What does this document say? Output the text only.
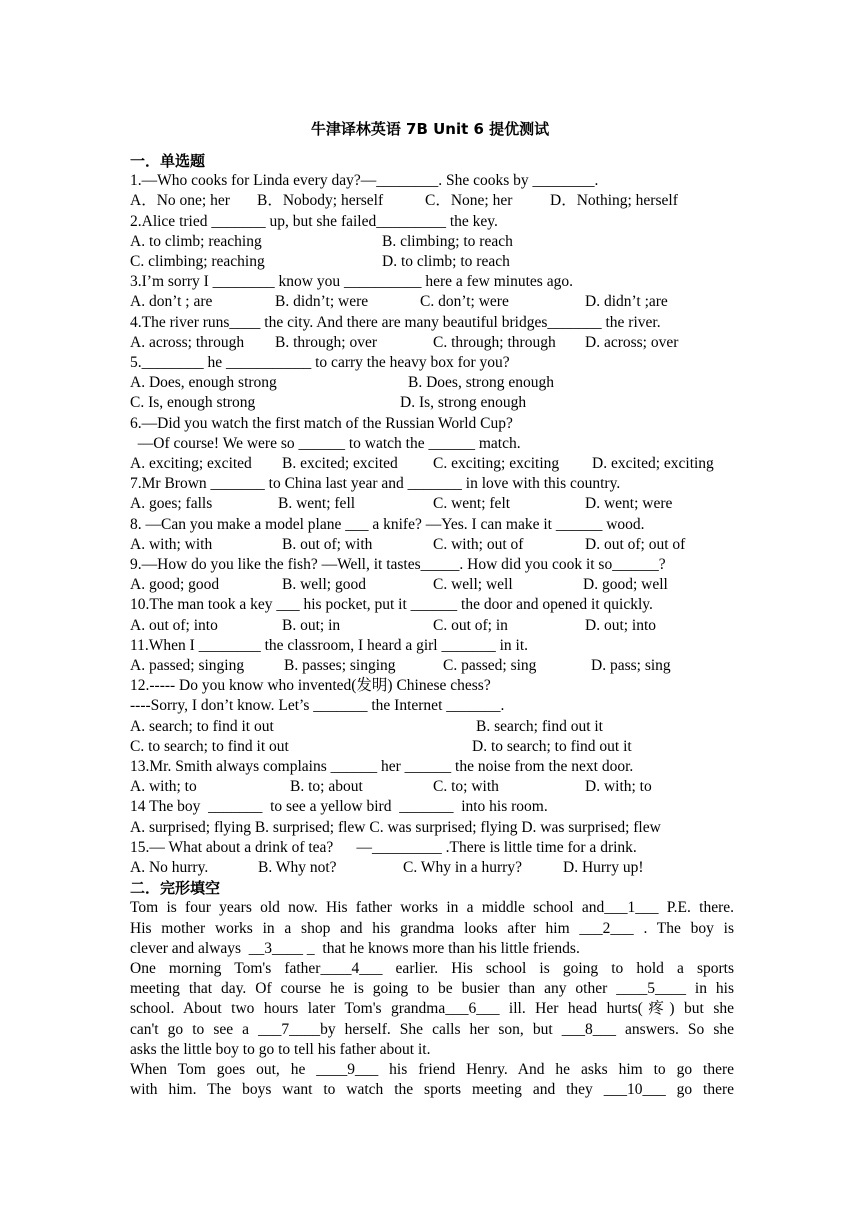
牛津译林英语 7B Unit 6 提优测试
一．单选题
1.—Who cooks for Linda every day?—________. She cooks by ________.
A．No one; her B．Nobody; herself	C．None; her D．Nothing; herself
2.Alice tried _______ up, but she failed_________ the key.
A. to climb; reaching	B. climbing; to reach
C. climbing; reaching	D. to climb; to reach
3.I’m sorry I ________ know you __________ here a few minutes ago.
A. don’t ; are	B. didn’t; were	C. don’t; were	D. didn’t ;are
4.The river runs____ the city. And there are many beautiful bridges_______ the river.
A. across; through B. through; over	C. through; through D. across; over
5.________ he ___________ to carry the heavy box for you?
A. Does, enough strong	B. Does, strong enough
C. Is, enough strong	D. Is, strong enough
6.—Did you watch the first match of the Russian World Cup?
—Of course! We were so ______ to watch the ______ match.
A. exciting; excited B. excited; excited C. exciting; exciting D. excited; exciting
7.Mr Brown _______ to China last year and _______ in love with this country.
A. goes; falls	B. went; fell	C. went; felt	D. went; were
8. —Can you make a model plane ___ a knife? —Yes. I can make it ______ wood.
A. with; with	B. out of; with	C. with; out of	D. out of; out of
9.—How do you like the fish? —Well, it tastes_____. How did you cook it so______?
A. good; good	B. well; good	C. well; well	D. good; well
10.The man took a key ___ his pocket, put it ______ the door and opened it quickly.
A. out of; into	B. out; in	C. out of; in	D. out; into
11.When I ________ the classroom, I heard a girl _______ in it.
A. passed; singing	B. passes; singing	C. passed; sing	D. pass; sing
12.----- Do you know who invented(发明) Chinese chess?
----Sorry, I don’t know. Let’s _______ the Internet _______.
A. search; to find it out	B. search; find out it
C. to search; to find it out	D. to search; to find out it
13.Mr. Smith always complains ______ her ______ the noise from the next door.
A. with; to	B. to; about	C. to; with	D. with; to
14 The boy  _______  to see a yellow bird  _______  into his room.
A. surprised; flying B. surprised; flew C. was surprised; flying D. was surprised; flew
15.— What about a drink of tea?      —_________ .There is little time for a drink.
A. No hurry.	B. Why not?	C. Why in a hurry?	D. Hurry up!
二．完形填空
Tom is four years old now. His father works in a middle school and___1___ P.E. there.
His mother works in a shop and his grandma looks after him ___2___ . The boy is
clever and always  __3____ _  that he knows more than his little friends.
One morning Tom's father____4___ earlier. His school is going to hold a sports
meeting that day. Of course he is going to be busier than any other ____5____ in his
school. About two hours later Tom's grandma___6___ ill. Her head hurts(疼) but she
can't go to see a ___7____by herself. She calls her son, but ___8___ answers. So she
asks the little boy to go to tell his father about it.
When Tom goes out, he ____9___ his friend Henry. And he asks him to go there
with him. The boys want to watch the sports meeting and they ___10___ go there
